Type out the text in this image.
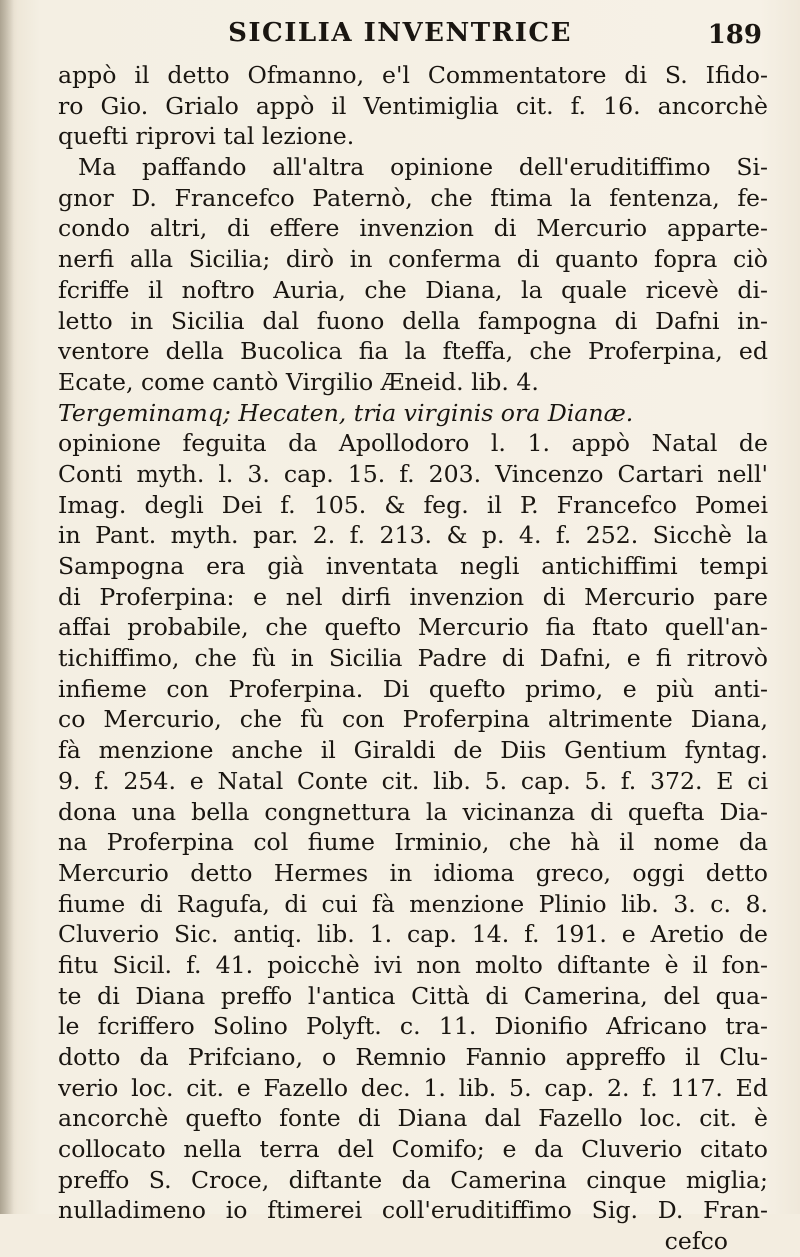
SICILIA INVENTRICE	189
appò il detto Ofmanno, e'l Commentatore di S. Ifido-
ro Gio. Grialo appò il Ventimiglia cit. f. 16. ancorchè
quefti riprovi tal lezione.
Ma paffando all'altra opinione dell'eruditiffimo Si-
gnor D. Francefco Paternò, che ftima la fentenza, fe-
condo altri, di effere invenzion di Mercurio apparte-
nerfi alla Sicilia; dirò in conferma di quanto fopra ciò
fcriffe il noftro Auria, che Diana, la quale ricevè di-
letto in Sicilia dal fuono della fampogna di Dafni in-
ventore della Bucolica fia la fteffa, che Proferpina, ed
Ecate, come cantò Virgilio Æneid. lib. 4.
Tergeminamq; Hecaten, tria virginis ora Dianæ.
opinione feguita da Apollodoro l. 1. appò Natal de
Conti myth. l. 3. cap. 15. f. 203. Vincenzo Cartari nell'
Imag. degli Dei f. 105. & feg. il P. Francefco Pomei
in Pant. myth. par. 2. f. 213. & p. 4. f. 252. Sicchè la
Sampogna era già inventata negli antichiffimi tempi
di Proferpina: e nel dirfi invenzion di Mercurio pare
affai probabile, che quefto Mercurio fia ftato quell'an-
tichiffimo, che fù in Sicilia Padre di Dafni, e fi ritrovò
infieme con Proferpina. Di quefto primo, e più anti-
co Mercurio, che fù con Proferpina altrimente Diana,
fà menzione anche il Giraldi de Diis Gentium fyntag.
9. f. 254. e Natal Conte cit. lib. 5. cap. 5. f. 372. E ci
dona una bella congnettura la vicinanza di quefta Dia-
na Proferpina col fiume Irminio, che hà il nome da
Mercurio detto Hermes in idioma greco, oggi detto
fiume di Ragufa, di cui fà menzione Plinio lib. 3. c. 8.
Cluverio Sic. antiq. lib. 1. cap. 14. f. 191. e Aretio de
fitu Sicil. f. 41. poicchè ivi non molto diftante è il fon-
te di Diana preffo l'antica Città di Camerina, del qua-
le fcriffero Solino Polyft. c. 11. Dionifio Africano tra-
dotto da Prifciano, o Remnio Fannio appreffo il Clu-
verio loc. cit. e Fazello dec. 1. lib. 5. cap. 2. f. 117. Ed
ancorchè quefto fonte di Diana dal Fazello loc. cit. è
collocato nella terra del Comifo; e da Cluverio citato
preffo S. Croce, diftante da Camerina cinque miglia;
nulladimeno io ftimerei coll'eruditiffimo Sig. D. Fran-
cefco
